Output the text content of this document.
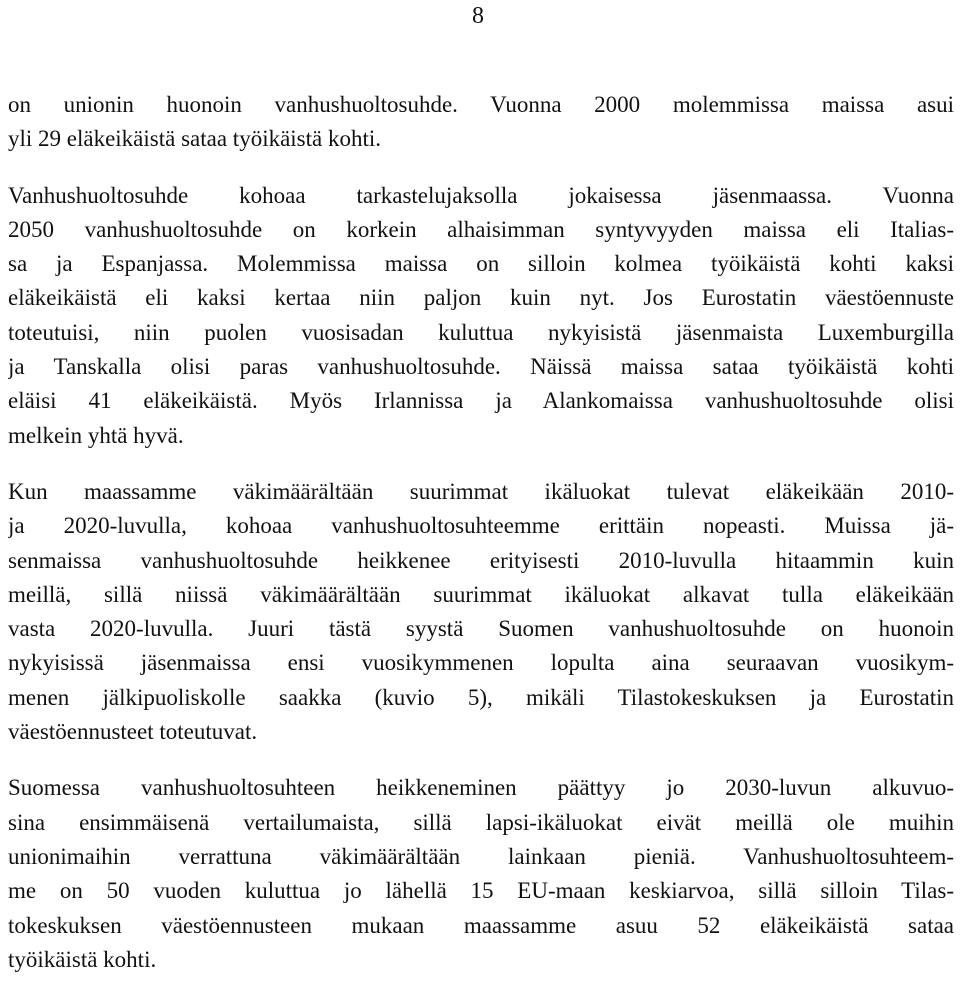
8

on unionin huonoin vanhushuoltosuhde. Vuonna 2000 molemmissa maissa asui
yli 29 eläkeikäistä sataa työikäistä kohti.

Vanhushuoltosuhde kohoaa tarkastelujaksolla jokaisessa jäsenmaassa. Vuonna
2050 vanhushuoltosuhde on korkein alhaisimman syntyvyyden maissa eli Italias-
sa ja Espanjassa. Molemmissa maissa on silloin kolmea työikäistä kohti kaksi
eläkeikäistä eli kaksi kertaa niin paljon kuin nyt. Jos Eurostatin väestöennuste
toteutuisi, niin puolen vuosisadan kuluttua nykyisistä jäsenmaista Luxemburgilla
ja Tanskalla olisi paras vanhushuoltosuhde. Näissä maissa sataa työikäistä kohti
eläisi 41 eläkeikäistä. Myös Irlannissa ja Alankomaissa vanhushuoltosuhde olisi
melkein yhtä hyvä.

Kun maassamme väkimäärältään suurimmat ikäluokat tulevat eläkeikään 2010-
ja 2020-luvulla, kohoaa vanhushuoltosuhteemme erittäin nopeasti. Muissa jä-
senmaissa vanhushuoltosuhde heikkenee erityisesti 2010-luvulla hitaammin kuin
meillä, sillä niissä väkimäärältään suurimmat ikäluokat alkavat tulla eläkeikään
vasta 2020-luvulla. Juuri tästä syystä Suomen vanhushuoltosuhde on huonoin
nykyisissä jäsenmaissa ensi vuosikymmenen lopulta aina seuraavan vuosikym-
menen jälkipuoliskolle saakka (kuvio 5), mikäli Tilastokeskuksen ja Eurostatin
väestöennusteet toteutuvat.

Suomessa vanhushuoltosuhteen heikkeneminen päättyy jo 2030-luvun alkuvuo-
sina ensimmäisenä vertailumaista, sillä lapsi-ikäluokat eivät meillä ole muihin
unionimaihin verrattuna väkimäärältään lainkaan pieniä. Vanhushuoltosuhteem-
me on 50 vuoden kuluttua jo lähellä 15 EU-maan keskiarvoa, sillä silloin Tilas-
tokeskuksen väestöennusteen mukaan maassamme asuu 52 eläkeikäistä sataa
työikäistä kohti.
